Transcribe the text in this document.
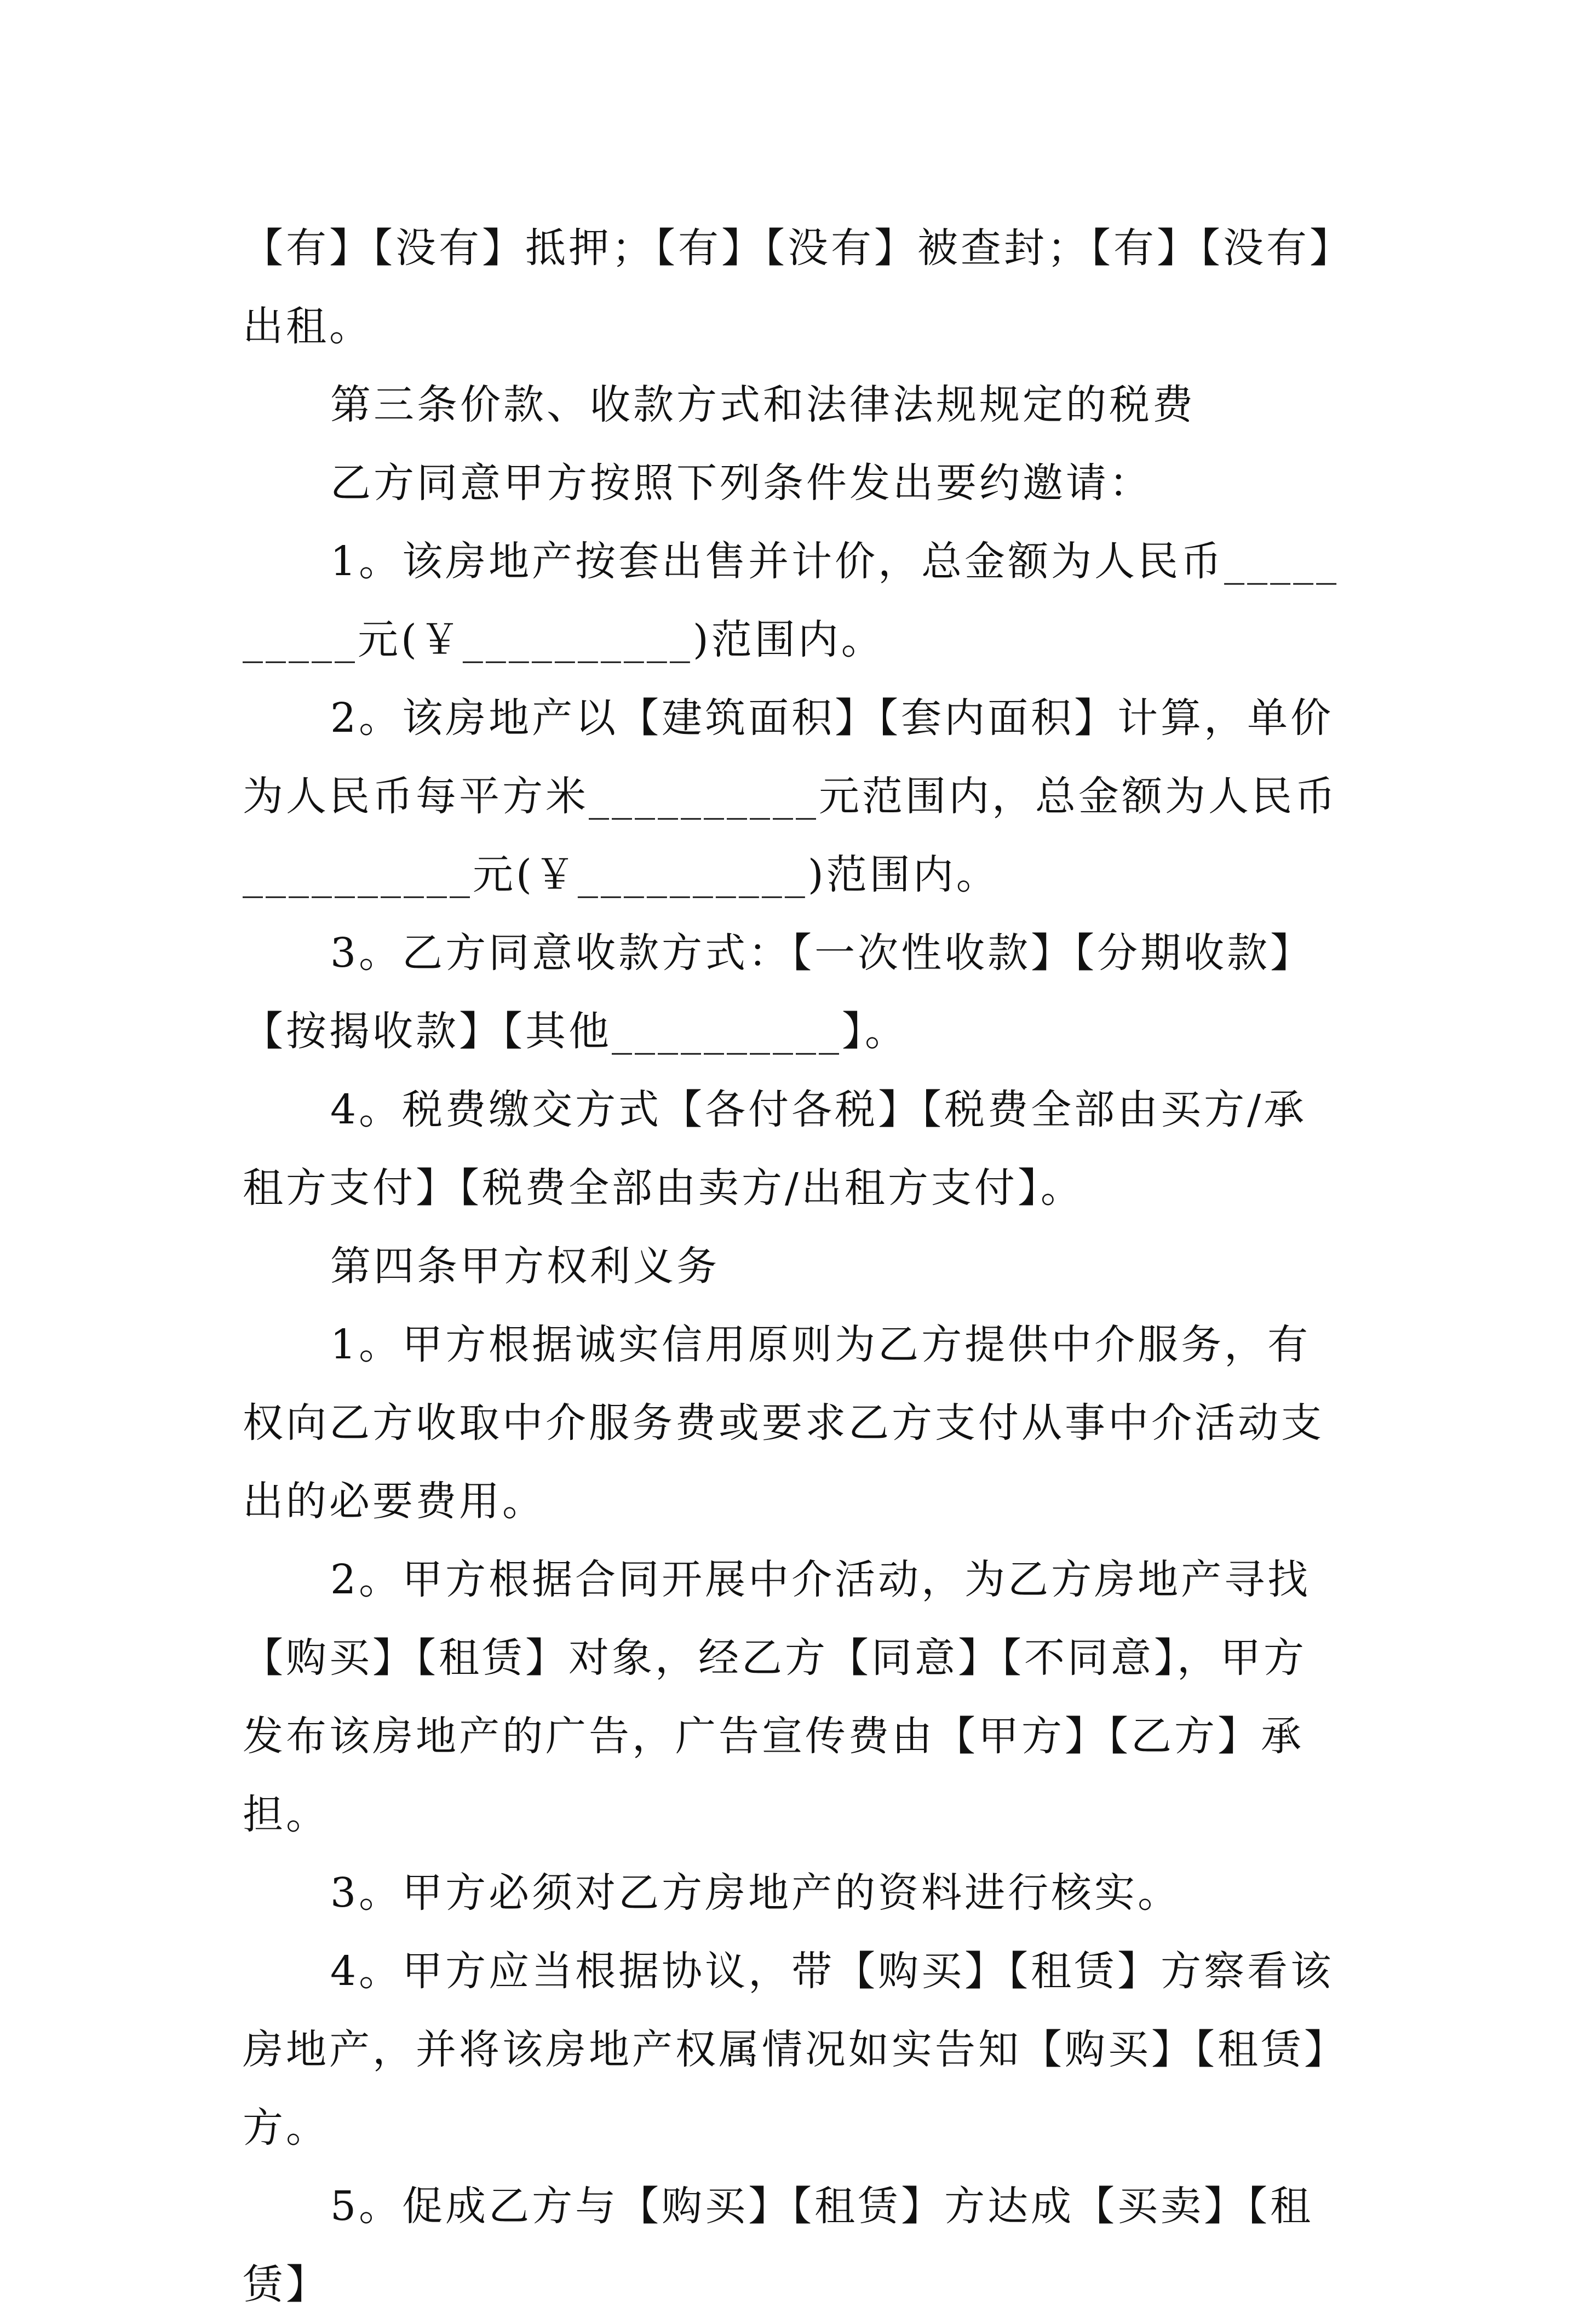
【有】【没有】抵押；【有】【没有】被查封；【有】【没有】出租。

第三条价款、收款方式和法律法规规定的税费

乙方同意甲方按照下列条件发出要约邀请：

1。该房地产按套出售并计价，总金额为人民币__________元(￥__________)范围内。

2。该房地产以【建筑面积】【套内面积】计算，单价为人民币每平方米__________元范围内，总金额为人民币__________元(￥__________)范围内。

3。乙方同意收款方式：【一次性收款】【分期收款】【按揭收款】【其他__________】。

4。税费缴交方式【各付各税】【税费全部由买方/承租方支付】【税费全部由卖方/出租方支付】。

第四条甲方权利义务

1。甲方根据诚实信用原则为乙方提供中介服务，有权向乙方收取中介服务费或要求乙方支付从事中介活动支出的必要费用。

2。甲方根据合同开展中介活动，为乙方房地产寻找【购买】【租赁】对象，经乙方【同意】【不同意】，甲方发布该房地产的广告，广告宣传费由【甲方】【乙方】承担。

3。甲方必须对乙方房地产的资料进行核实。

4。甲方应当根据协议，带【购买】【租赁】方察看该房地产，并将该房地产权属情况如实告知【购买】【租赁】方。

5。促成乙方与【购买】【租赁】方达成【买卖】【租赁】
